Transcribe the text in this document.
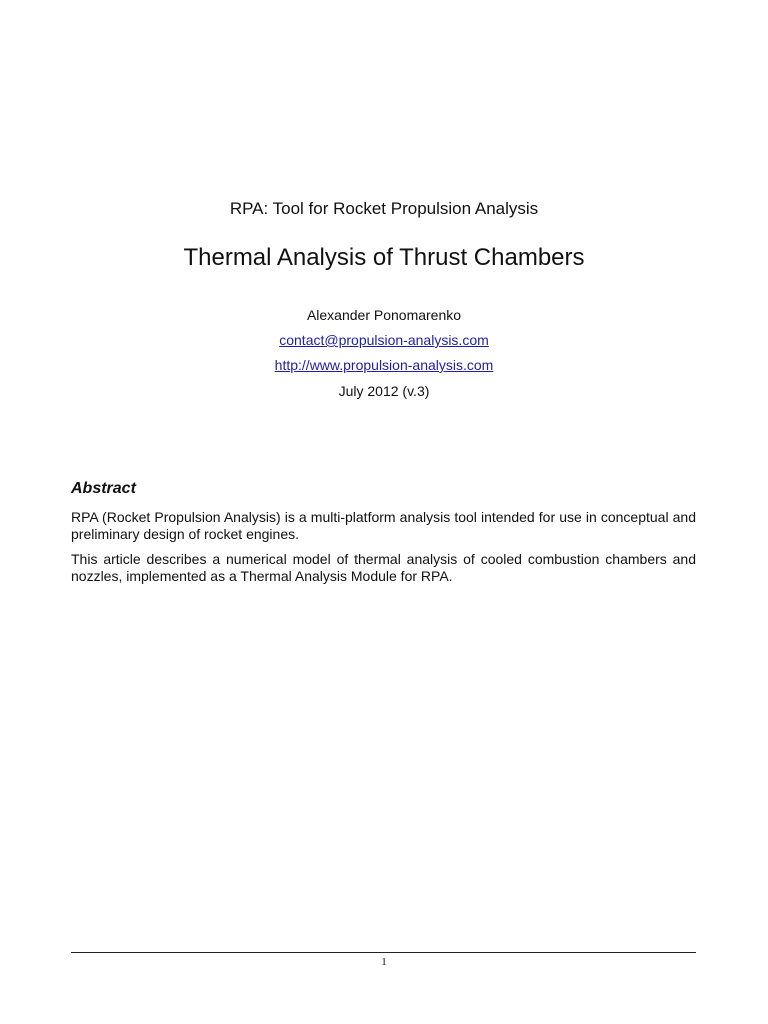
RPA: Tool for Rocket Propulsion Analysis
Thermal Analysis of Thrust Chambers
Alexander Ponomarenko
contact@propulsion-analysis.com
http://www.propulsion-analysis.com
July 2012 (v.3)
Abstract

RPA (Rocket Propulsion Analysis) is a multi-platform analysis tool intended for use in conceptual and preliminary design of rocket engines.

This article describes a numerical model of thermal analysis of cooled combustion chambers and nozzles, implemented as a Thermal Analysis Module for RPA.

1
